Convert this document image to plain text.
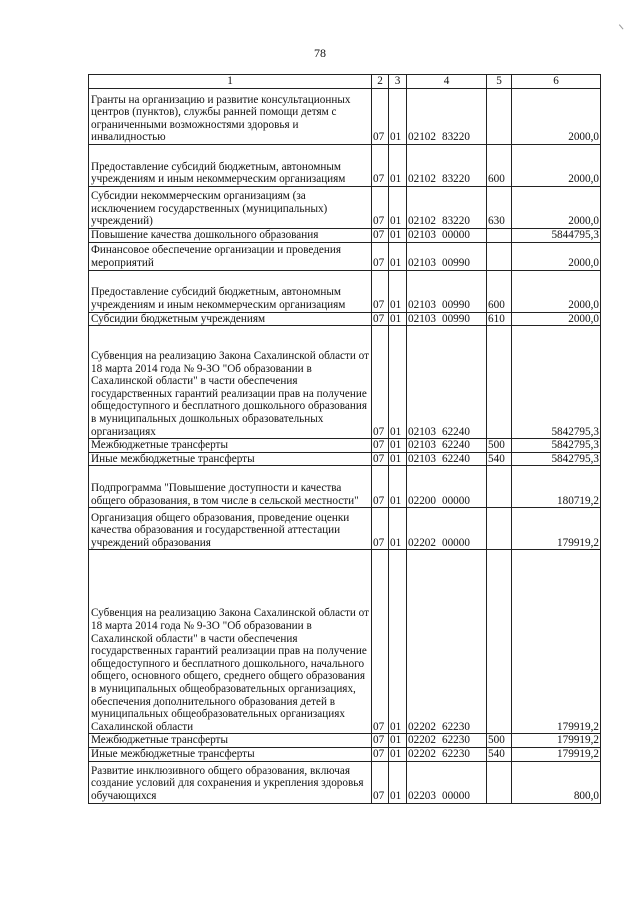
78
1	2	3	4	5	6
Гранты на организацию и развитие консультационных центров (пунктов), службы ранней помощи детям с ограниченными возможностями здоровья и инвалидностью	07	01	02102 83220		2000,0
Предоставление субсидий бюджетным, автономным учреждениям и иным некоммерческим организациям	07	01	02102 83220	600	2000,0
Субсидии некоммерческим организациям (за исключением государственных (муниципальных) учреждений)	07	01	02102 83220	630	2000,0
Повышение качества дошкольного образования	07	01	02103 00000		5844795,3
Финансовое обеспечение организации и проведения мероприятий	07	01	02103 00990		2000,0
Предоставление субсидий бюджетным, автономным учреждениям и иным некоммерческим организациям	07	01	02103 00990	600	2000,0
Субсидии бюджетным учреждениям	07	01	02103 00990	610	2000,0
Субвенция на реализацию Закона Сахалинской области от 18 марта 2014 года № 9-ЗО "Об образовании в Сахалинской области" в части обеспечения государственных гарантий реализации прав на получение общедоступного и бесплатного дошкольного образования в муниципальных дошкольных образовательных организациях	07	01	02103 62240		5842795,3
Межбюджетные трансферты	07	01	02103 62240	500	5842795,3
Иные межбюджетные трансферты	07	01	02103 62240	540	5842795,3
Подпрограмма "Повышение доступности и качества общего образования, в том числе в сельской местности"	07	01	02200 00000		180719,2
Организация общего образования, проведение оценки качества образования и государственной аттестации учреждений образования	07	01	02202 00000		179919,2
Субвенция на реализацию Закона Сахалинской области от 18 марта 2014 года № 9-ЗО "Об образовании в Сахалинской области" в части обеспечения государственных гарантий реализации прав на получение общедоступного и бесплатного дошкольного, начального общего, основного общего, среднего общего образования в муниципальных общеобразовательных организациях, обеспечения дополнительного образования детей в муниципальных общеобразовательных организациях Сахалинской области	07	01	02202 62230		179919,2
Межбюджетные трансферты	07	01	02202 62230	500	179919,2
Иные межбюджетные трансферты	07	01	02202 62230	540	179919,2
Развитие инклюзивного общего образования, включая создание условий для сохранения и укрепления здоровья обучающихся	07	01	02203 00000		800,0
